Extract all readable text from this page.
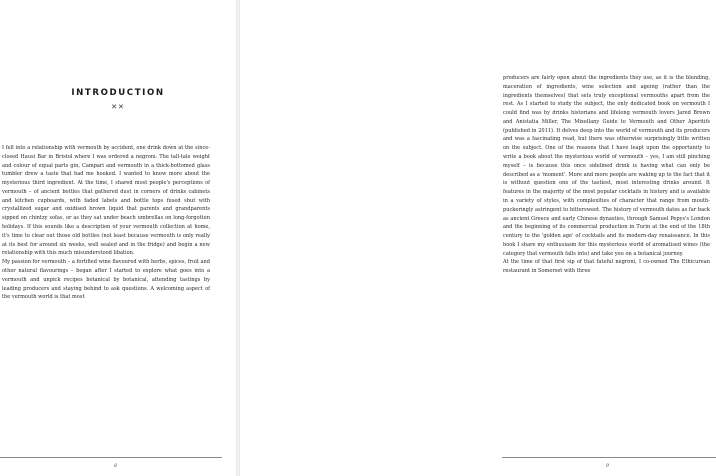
INTRODUCTION
✕✕

I fell into a relationship with vermouth by accident, one drink down at the since-closed Hausi Bar in Bristol where I was ordered a negroni. The tall-tale weight and colour of equal parts gin, Campari and vermouth in a thick-bottomed glass tumbler drew a taste that had me hooked. I wanted to know more about the mysterious third ingredient. At the time, I shared most people's perceptions of vermouth – of ancient bottles that gathered dust in corners of drinks cabinets and kitchen cupboards, with faded labels and bottle tops fused shut with crystallized sugar and oxidised brown liquid that parents and grandparents sipped on chintzy sofas, or as they sat under beach umbrellas on long-forgotten holidays. If this sounds like a description of your vermouth collection at home, it's time to clear out those old bottles (not least because vermouth is only really at its best for around six weeks, well sealed and in the fridge) and begin a new relationship with this much misunderstood libation.

My passion for vermouth – a fortified wine flavoured with herbs, spices, fruit and other natural flavourings – began after I started to explore what goes into a vermouth and unpick recipes botanical by botanical, attending tastings by leading producers and staying behind to ask questions. A welcoming aspect of the vermouth world is that most

8

producers are fairly open about the ingredients they use, as it is the blending, maceration of ingredients, wine selection and ageing (rather than the ingredients themselves) that sets truly exceptional vermouths apart from the rest. As I started to study the subject, the only dedicated book on vermouth I could find was by drinks historians and lifelong vermouth lovers Jared Brown and Anistatia Miller, The Mixellany Guide to Vermouth and Other Aperitifs (published in 2011). It delves deep into the world of vermouth and its producers and was a fascinating read, but there was otherwise surprisingly little written on the subject. One of the reasons that I have leapt upon the opportunity to write a book about the mysterious world of vermouth – yes, I am still pinching myself – is because this once sidelined drink is having what can only be described as a 'moment'. More and more people are waking up to the fact that it is without question one of the tastiest, most interesting drinks around. It features in the majority of the most popular cocktails in history and is available in a variety of styles, with complexities of character that range from mouth-puckeringly astringent to bittersweet. The history of vermouth dates as far back as ancient Greece and early Chinese dynasties, through Samuel Pepys's London and the beginning of its commercial production in Turin at the end of the 18th century to the 'golden age' of cocktails and its modern-day renaissance. In this book I share my enthusiasm for this mysterious world of aromatised wines (the category that vermouth falls into) and take you on a botanical journey.

At the time of that first sip of that fateful negroni, I co-owned The Ethicurean restaurant in Somerset with three

9
